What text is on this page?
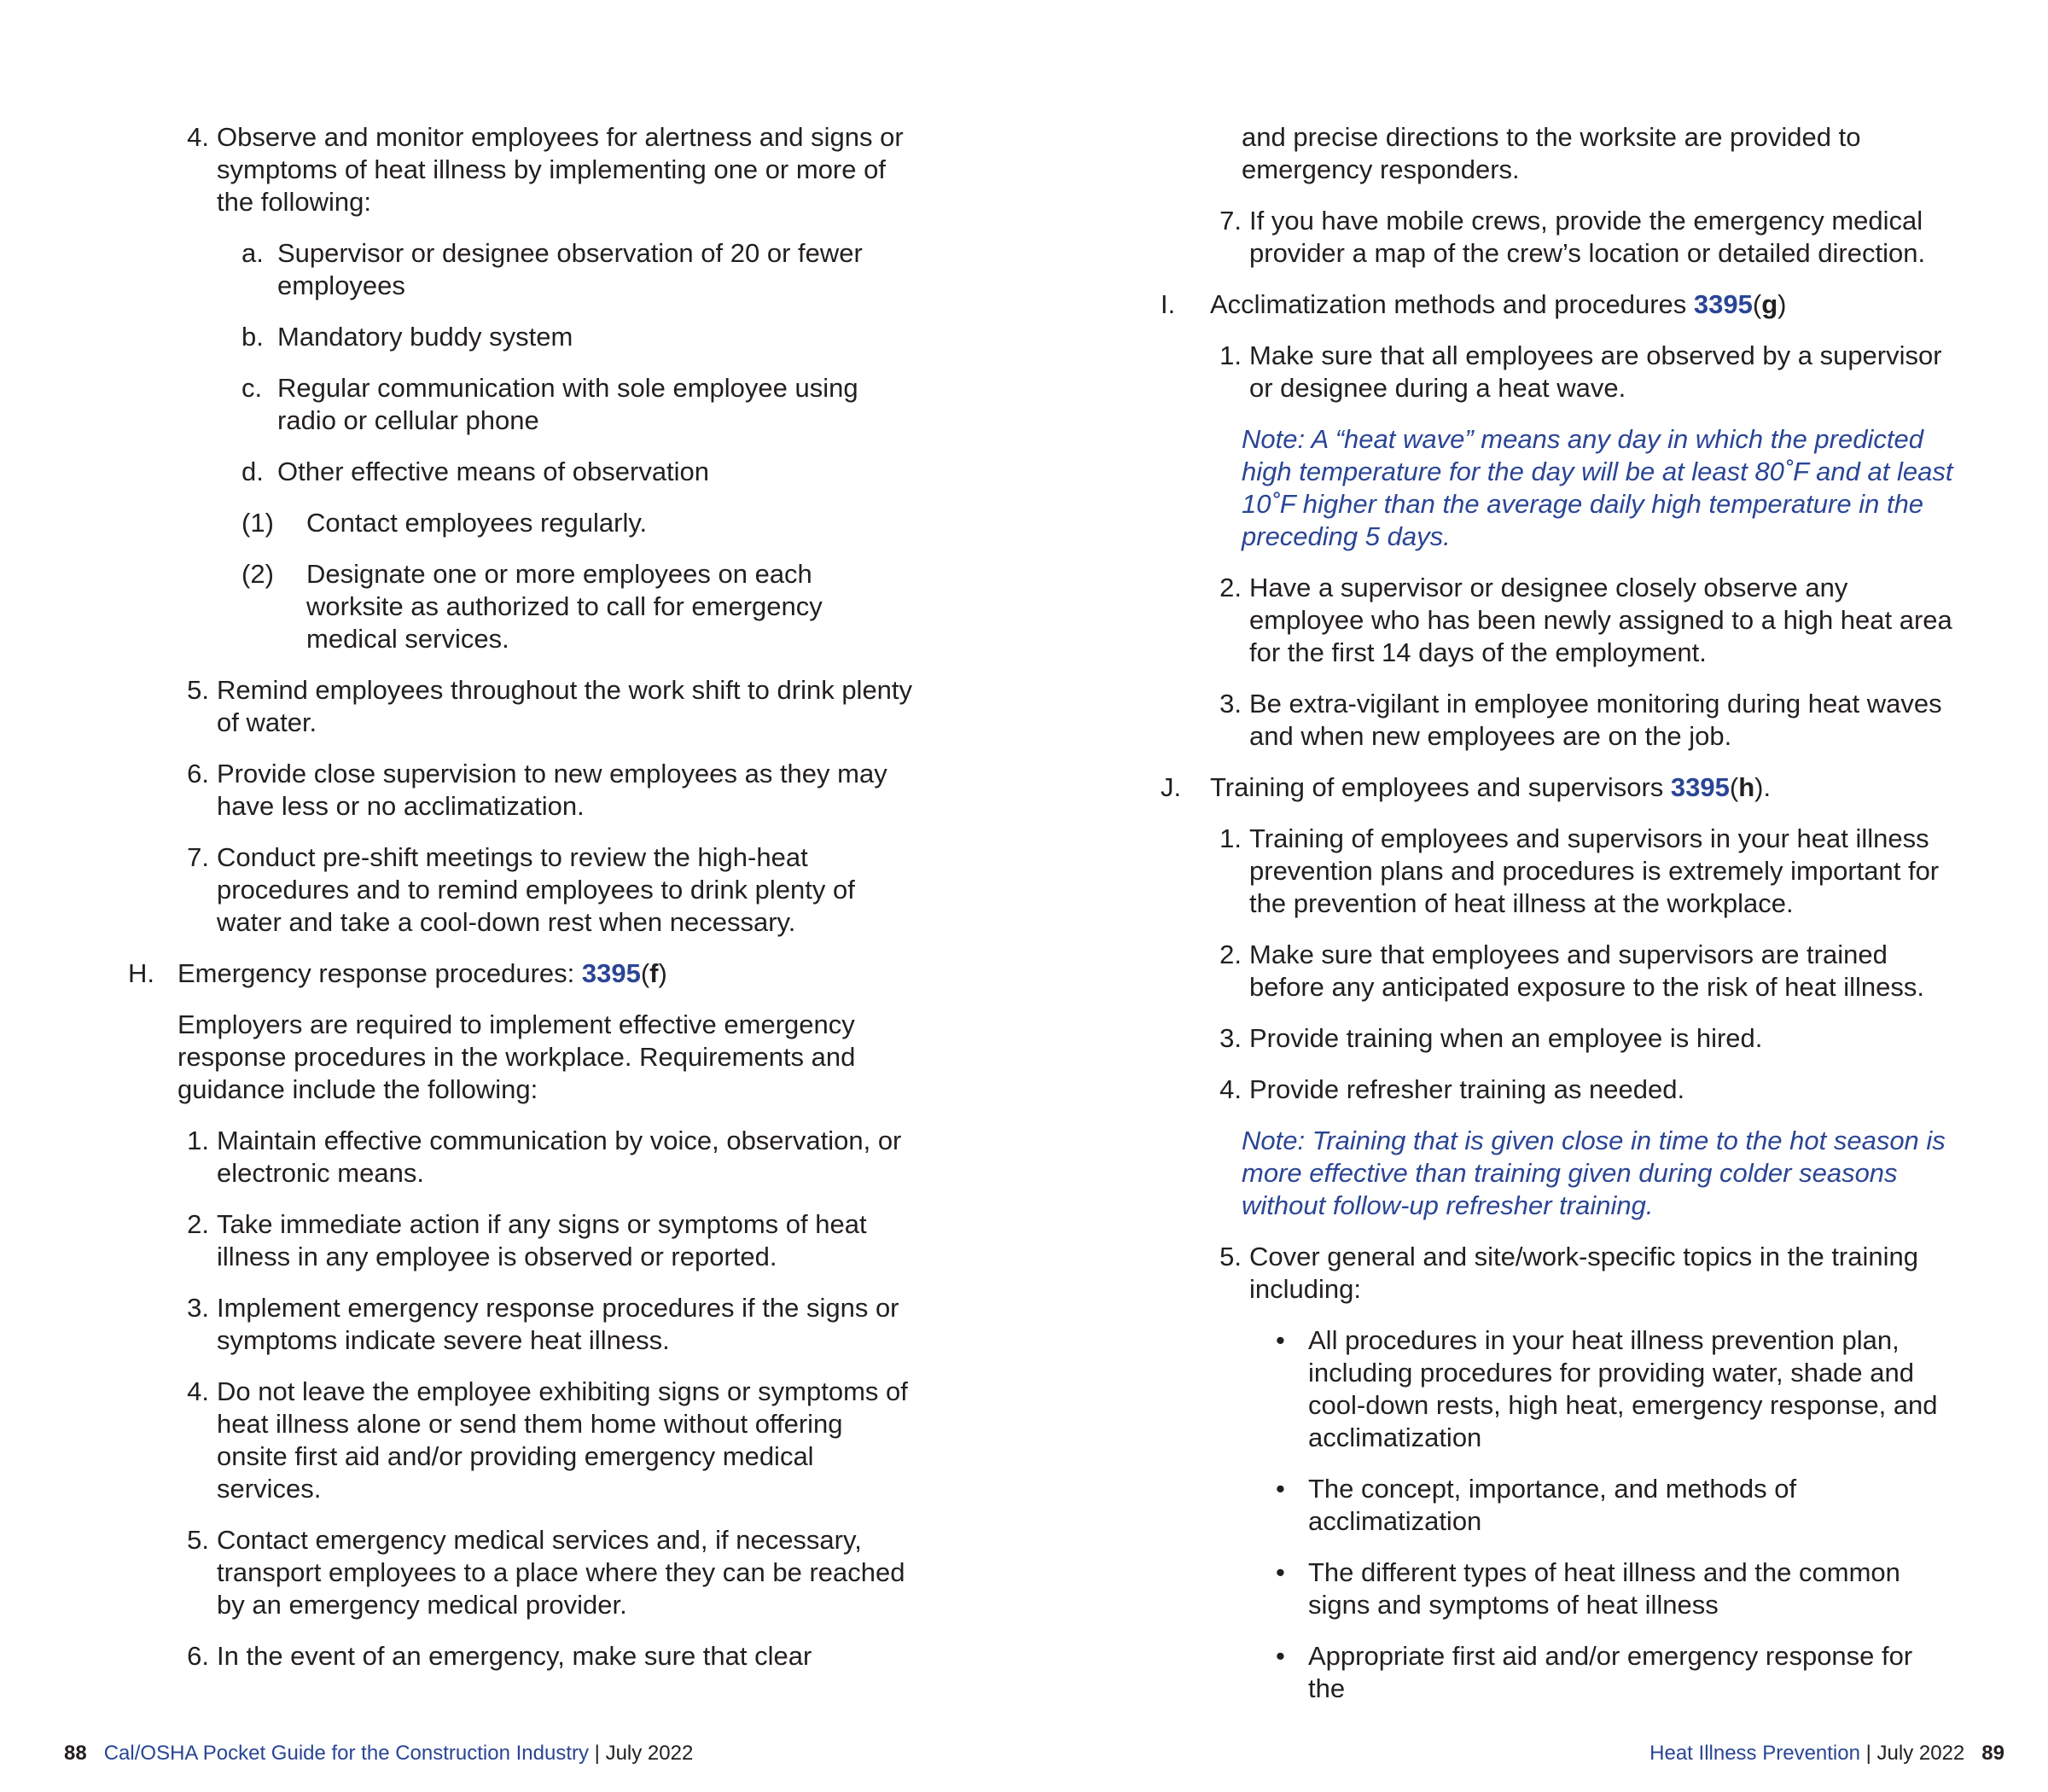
4. Observe and monitor employees for alertness and signs or symptoms of heat illness by implementing one or more of the following:
a. Supervisor or designee observation of 20 or fewer employees
b. Mandatory buddy system
c. Regular communication with sole employee using radio or cellular phone
d. Other effective means of observation
(1)	Contact employees regularly.
(2)	Designate one or more employees on each worksite as authorized to call for emergency medical services.
5. Remind employees throughout the work shift to drink plenty of water.
6. Provide close supervision to new employees as they may have less or no acclimatization.
7. Conduct pre-shift meetings to review the high-heat procedures and to remind employees to drink plenty of water and take a cool-down rest when necessary.
H. Emergency response procedures: 3395(f)
Employers are required to implement effective emergency response procedures in the workplace. Requirements and guidance include the following:
1. Maintain effective communication by voice, observation, or electronic means.
2. Take immediate action if any signs or symptoms of heat illness in any employee is observed or reported.
3. Implement emergency response procedures if the signs or symptoms indicate severe heat illness.
4. Do not leave the employee exhibiting signs or symptoms of heat illness alone or send them home without offering onsite first aid and/or providing emergency medical services.
5. Contact emergency medical services and, if necessary, transport employees to a place where they can be reached by an emergency medical provider.
6. In the event of an emergency, make sure that clear
and precise directions to the worksite are provided to emergency responders.
7. If you have mobile crews, provide the emergency medical provider a map of the crew’s location or detailed direction.
I.	Acclimatization methods and procedures 3395(g)
1. Make sure that all employees are observed by a supervisor or designee during a heat wave.
Note: A “heat wave” means any day in which the predicted high temperature for the day will be at least 80˚F and at least 10˚F higher than the average daily high temperature in the preceding 5 days.
2. Have a supervisor or designee closely observe any employee who has been newly assigned to a high heat area for the first 14 days of the employment.
3. Be extra-vigilant in employee monitoring during heat waves and when new employees are on the job.
J.	Training of employees and supervisors 3395(h).
1. Training of employees and supervisors in your heat illness prevention plans and procedures is extremely important for the prevention of heat illness at the workplace.
2. Make sure that employees and supervisors are trained before any anticipated exposure to the risk of heat illness.
3. Provide training when an employee is hired.
4. Provide refresher training as needed.
Note: Training that is given close in time to the hot season is more effective than training given during colder seasons without follow-up refresher training.
5. Cover general and site/work-specific topics in the training including:
• All procedures in your heat illness prevention plan, including procedures for providing water, shade and cool-down rests, high heat, emergency response, and acclimatization
• The concept, importance, and methods of acclimatization
• The different types of heat illness and the common signs and symptoms of heat illness
• Appropriate first aid and/or emergency response for the
88 Cal/OSHA Pocket Guide for the Construction Industry | July 2022	Heat Illness Prevention | July 2022 89
